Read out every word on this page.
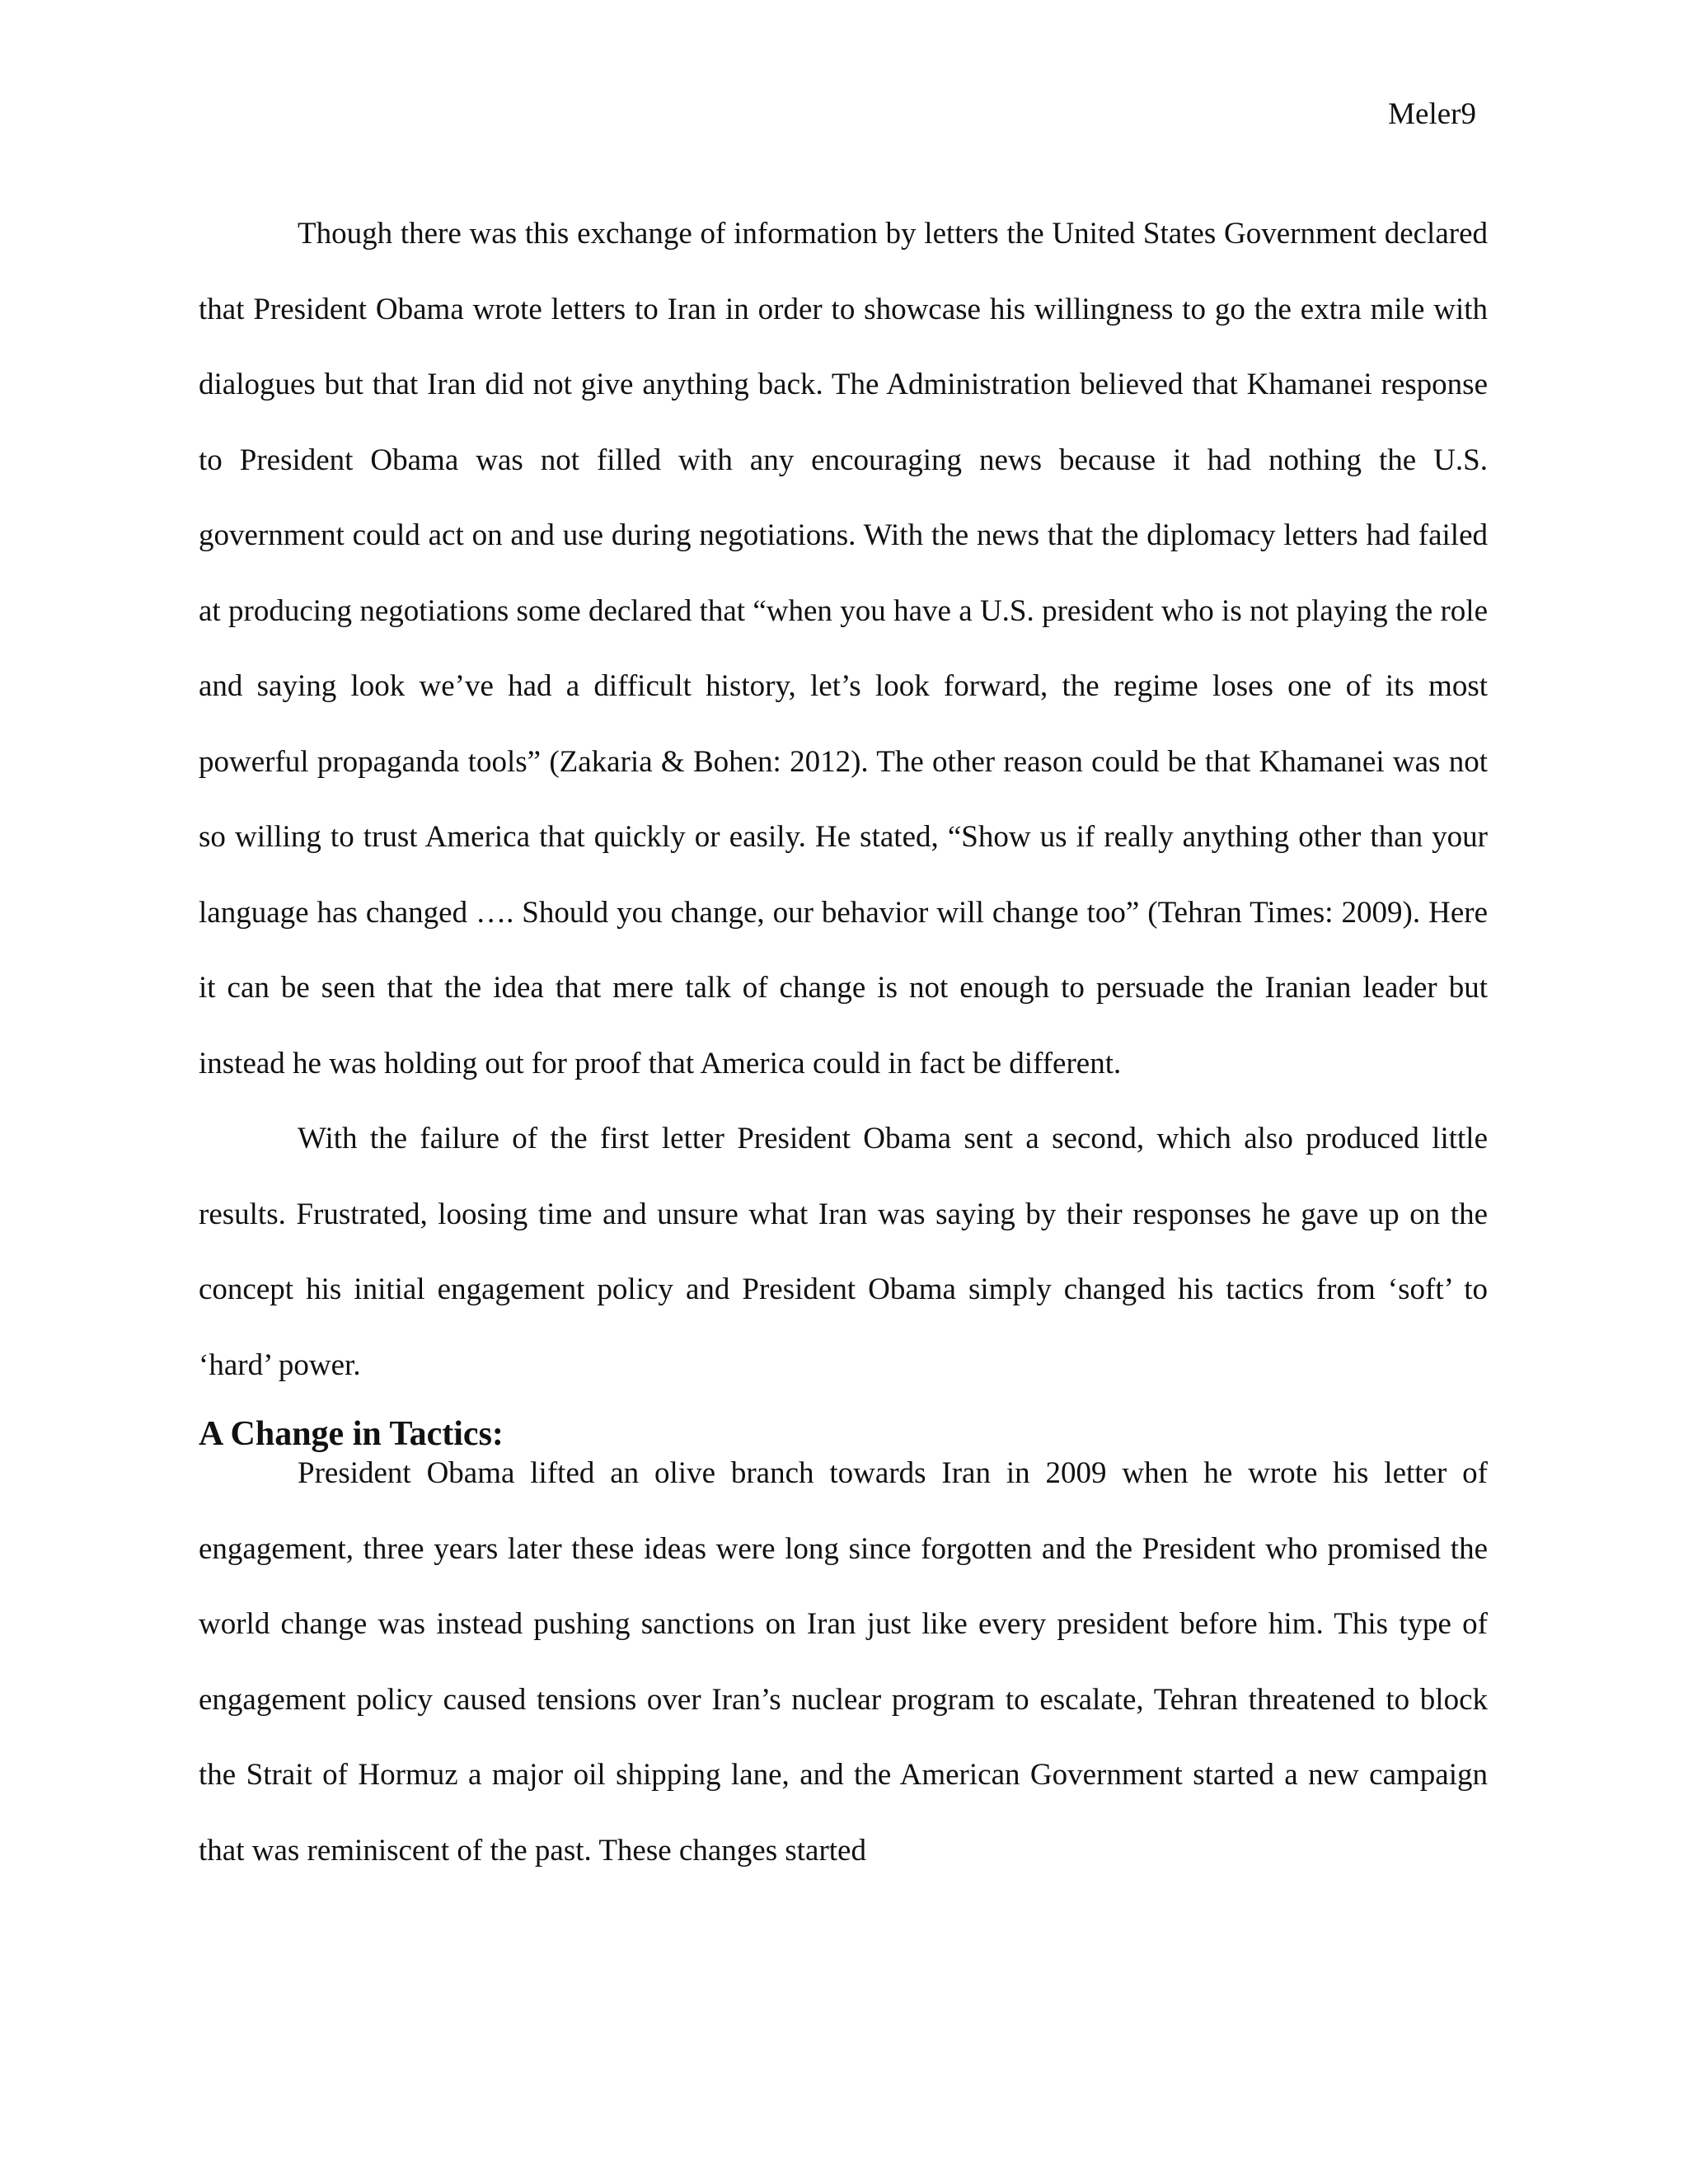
Meler9

Though there was this exchange of information by letters the United States Government declared that President Obama wrote letters to Iran in order to showcase his willingness to go the extra mile with dialogues but that Iran did not give anything back. The Administration believed that Khamanei response to President Obama was not filled with any encouraging news because it had nothing the U.S. government could act on and use during negotiations. With the news that the diplomacy letters had failed at producing negotiations some declared that “when you have a U.S. president who is not playing the role and saying look we’ve had a difficult history, let’s look forward, the regime loses one of its most powerful propaganda tools” (Zakaria & Bohen: 2012). The other reason could be that Khamanei was not so willing to trust America that quickly or easily. He stated, “Show us if really anything other than your language has changed …. Should you change, our behavior will change too” (Tehran Times: 2009). Here it can be seen that the idea that mere talk of change is not enough to persuade the Iranian leader but instead he was holding out for proof that America could in fact be different.

With the failure of the first letter President Obama sent a second, which also produced little results. Frustrated, loosing time and unsure what Iran was saying by their responses he gave up on the concept his initial engagement policy and President Obama simply changed his tactics from ‘soft’ to ‘hard’ power.

A Change in Tactics:

President Obama lifted an olive branch towards Iran in 2009 when he wrote his letter of engagement, three years later these ideas were long since forgotten and the President who promised the world change was instead pushing sanctions on Iran just like every president before him. This type of engagement policy caused tensions over Iran’s nuclear program to escalate, Tehran threatened to block the Strait of Hormuz a major oil shipping lane, and the American Government started a new campaign that was reminiscent of the past. These changes started
